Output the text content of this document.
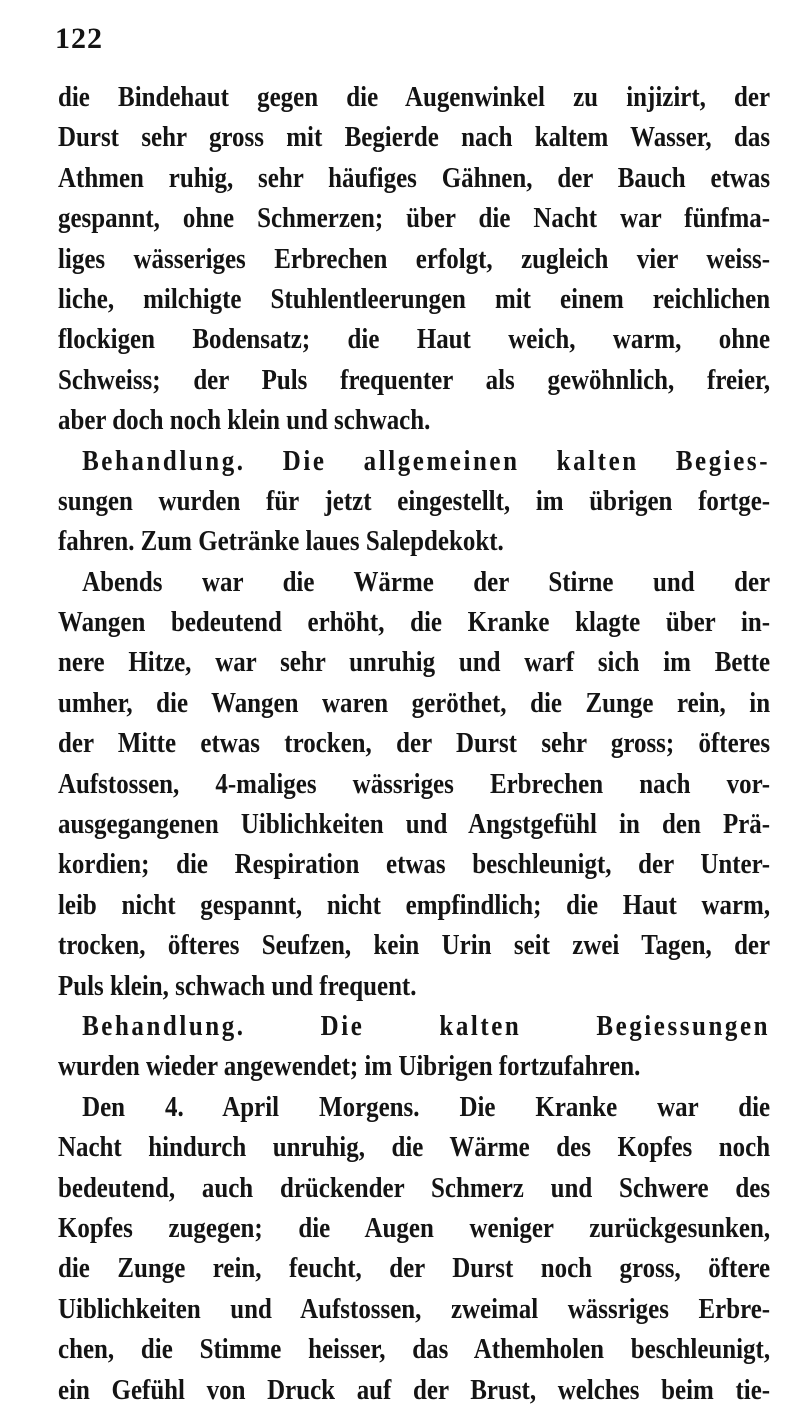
122
die Bindehaut gegen die Augenwinkel zu injizirt, der
Durst sehr gross mit Begierde nach kaltem Wasser, das
Athmen ruhig, sehr häufiges Gähnen, der Bauch etwas
gespannt, ohne Schmerzen; über die Nacht war fünfma-
liges wässeriges Erbrechen erfolgt, zugleich vier weiss-
liche, milchigte Stuhlentleerungen mit einem reichlichen
flockigen Bodensatz; die Haut weich, warm, ohne
Schweiss; der Puls frequenter als gewöhnlich, freier,
aber doch noch klein und schwach.
Behandlung. Die allgemeinen kalten Begies-
sungen wurden für jetzt eingestellt, im übrigen fortge-
fahren. Zum Getränke laues Salepdekokt.
Abends war die Wärme der Stirne und der
Wangen bedeutend erhöht, die Kranke klagte über in-
nere Hitze, war sehr unruhig und warf sich im Bette
umher, die Wangen waren geröthet, die Zunge rein, in
der Mitte etwas trocken, der Durst sehr gross; öfteres
Aufstossen, 4-maliges wässriges Erbrechen nach vor-
ausgegangenen Uiblichkeiten und Angstgefühl in den Prä-
kordien; die Respiration etwas beschleunigt, der Unter-
leib nicht gespannt, nicht empfindlich; die Haut warm,
trocken, öfteres Seufzen, kein Urin seit zwei Tagen, der
Puls klein, schwach und frequent.
Behandlung. Die kalten Begiessungen
wurden wieder angewendet; im Uibrigen fortzufahren.
Den 4. April Morgens. Die Kranke war die
Nacht hindurch unruhig, die Wärme des Kopfes noch
bedeutend, auch drückender Schmerz und Schwere des
Kopfes zugegen; die Augen weniger zurückgesunken,
die Zunge rein, feucht, der Durst noch gross, öftere
Uiblichkeiten und Aufstossen, zweimal wässriges Erbre-
chen, die Stimme heisser, das Athemholen beschleunigt,
ein Gefühl von Druck auf der Brust, welches beim tie-
